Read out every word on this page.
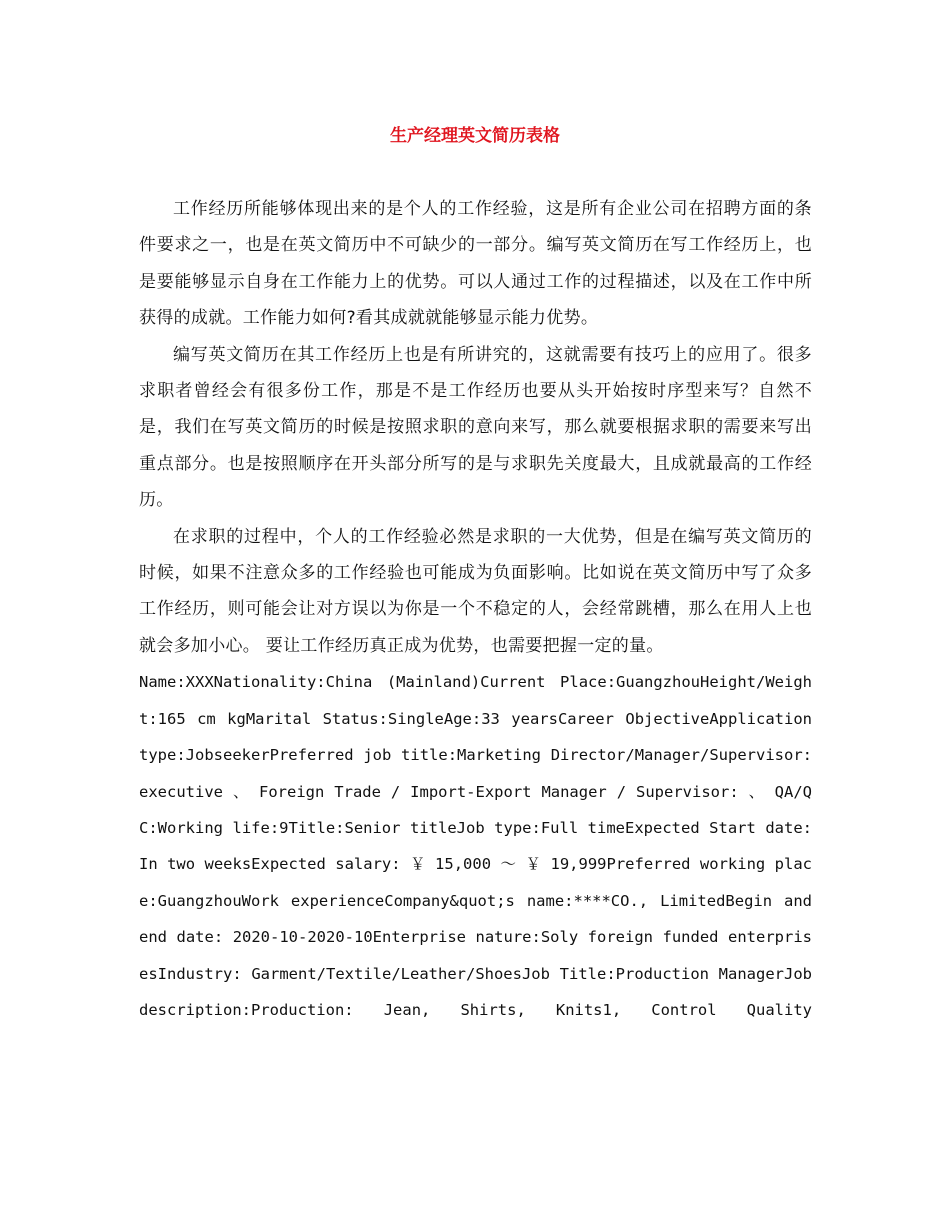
生产经理英文简历表格

工作经历所能够体现出来的是个人的工作经验，这是所有企业公司在招聘方面的条件要求之一，也是在英文简历中不可缺少的一部分。编写英文简历在写工作经历上，也是要能够显示自身在工作能力上的优势。可以人通过工作的过程描述，以及在工作中所获得的成就。工作能力如何?看其成就就能够显示能力优势。

编写英文简历在其工作经历上也是有所讲究的，这就需要有技巧上的应用了。很多求职者曾经会有很多份工作，那是不是工作经历也要从头开始按时序型来写？自然不是，我们在写英文简历的时候是按照求职的意向来写，那么就要根据求职的需要来写出重点部分。也是按照顺序在开头部分所写的是与求职先关度最大，且成就最高的工作经历。

在求职的过程中，个人的工作经验必然是求职的一大优势，但是在编写英文简历的时候，如果不注意众多的工作经验也可能成为负面影响。比如说在英文简历中写了众多工作经历，则可能会让对方误以为你是一个不稳定的人，会经常跳槽，那么在用人上也就会多加小心。 要让工作经历真正成为优势，也需要把握一定的量。

Name:XXXNationality:China (Mainland)Current Place:GuangzhouHeight/Weight:165 cm kgMarital Status:SingleAge:33 yearsCareer ObjectiveApplication type:JobseekerPreferred job title:Marketing Director/Manager/Supervisor: executive 、 Foreign Trade / Import-Export Manager / Supervisor: 、 QA/QC:Working life:9Title:Senior titleJob type:Full timeExpected Start date:In two weeksExpected salary: ￥ 15,000 ～ ￥ 19,999Preferred working place:GuangzhouWork experienceCompany&quot;s name:****CO., LimitedBegin and end date: 2020-10-2020-10Enterprise nature:Soly foreign funded enterprisesIndustry: Garment/Textile/Leather/ShoesJob Title:Production ManagerJob description:Production: Jean, Shirts, Knits1, Control Quality
